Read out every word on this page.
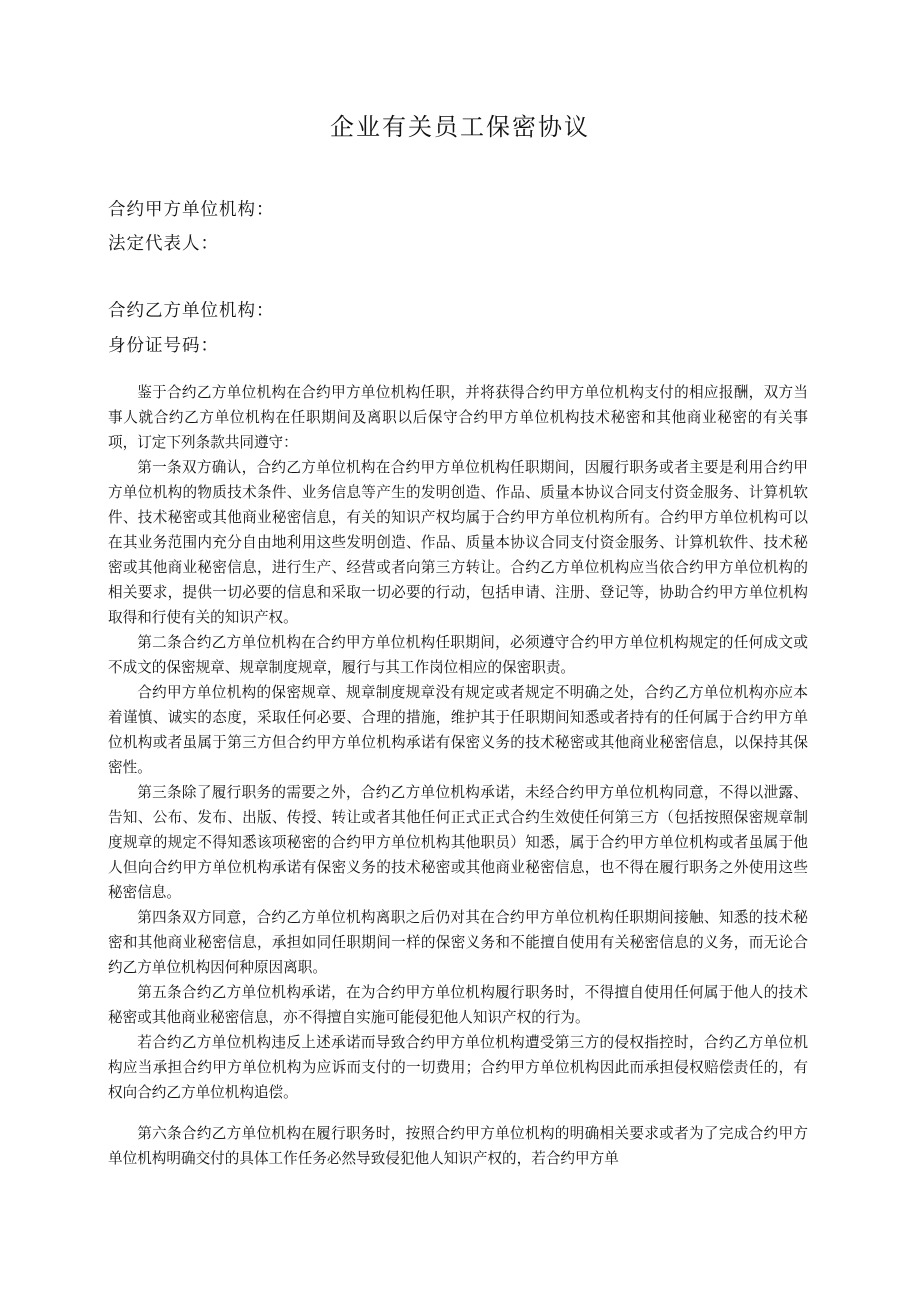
企业有关员工保密协议
合约甲方单位机构：
法定代表人：
合约乙方单位机构：
身份证号码：

鉴于合约乙方单位机构在合约甲方单位机构任职，并将获得合约甲方单位机构支付的相应报酬，双方当事人就合约乙方单位机构在任职期间及离职以后保守合约甲方单位机构技术秘密和其他商业秘密的有关事项，订定下列条款共同遵守：

第一条双方确认，合约乙方单位机构在合约甲方单位机构任职期间，因履行职务或者主要是利用合约甲方单位机构的物质技术条件、业务信息等产生的发明创造、作品、质量本协议合同支付资金服务、计算机软件、技术秘密或其他商业秘密信息，有关的知识产权均属于合约甲方单位机构所有。合约甲方单位机构可以在其业务范围内充分自由地利用这些发明创造、作品、质量本协议合同支付资金服务、计算机软件、技术秘密或其他商业秘密信息，进行生产、经营或者向第三方转让。合约乙方单位机构应当依合约甲方单位机构的相关要求，提供一切必要的信息和采取一切必要的行动，包括申请、注册、登记等，协助合约甲方单位机构取得和行使有关的知识产权。

第二条合约乙方单位机构在合约甲方单位机构任职期间，必须遵守合约甲方单位机构规定的任何成文或不成文的保密规章、规章制度规章，履行与其工作岗位相应的保密职责。

合约甲方单位机构的保密规章、规章制度规章没有规定或者规定不明确之处，合约乙方单位机构亦应本着谨慎、诚实的态度，采取任何必要、合理的措施，维护其于任职期间知悉或者持有的任何属于合约甲方单位机构或者虽属于第三方但合约甲方单位机构承诺有保密义务的技术秘密或其他商业秘密信息，以保持其保密性。

第三条除了履行职务的需要之外，合约乙方单位机构承诺，未经合约甲方单位机构同意，不得以泄露、告知、公布、发布、出版、传授、转让或者其他任何正式正式合约生效使任何第三方（包括按照保密规章制度规章的规定不得知悉该项秘密的合约甲方单位机构其他职员）知悉，属于合约甲方单位机构或者虽属于他人但向合约甲方单位机构承诺有保密义务的技术秘密或其他商业秘密信息，也不得在履行职务之外使用这些秘密信息。

第四条双方同意，合约乙方单位机构离职之后仍对其在合约甲方单位机构任职期间接触、知悉的技术秘密和其他商业秘密信息，承担如同任职期间一样的保密义务和不能擅自使用有关秘密信息的义务，而无论合约乙方单位机构因何种原因离职。

第五条合约乙方单位机构承诺，在为合约甲方单位机构履行职务时，不得擅自使用任何属于他人的技术秘密或其他商业秘密信息，亦不得擅自实施可能侵犯他人知识产权的行为。

若合约乙方单位机构违反上述承诺而导致合约甲方单位机构遭受第三方的侵权指控时，合约乙方单位机构应当承担合约甲方单位机构为应诉而支付的一切费用；合约甲方单位机构因此而承担侵权赔偿责任的，有权向合约乙方单位机构追偿。

第六条合约乙方单位机构在履行职务时，按照合约甲方单位机构的明确相关要求或者为了完成合约甲方单位机构明确交付的具体工作任务必然导致侵犯他人知识产权的，若合约甲方单
